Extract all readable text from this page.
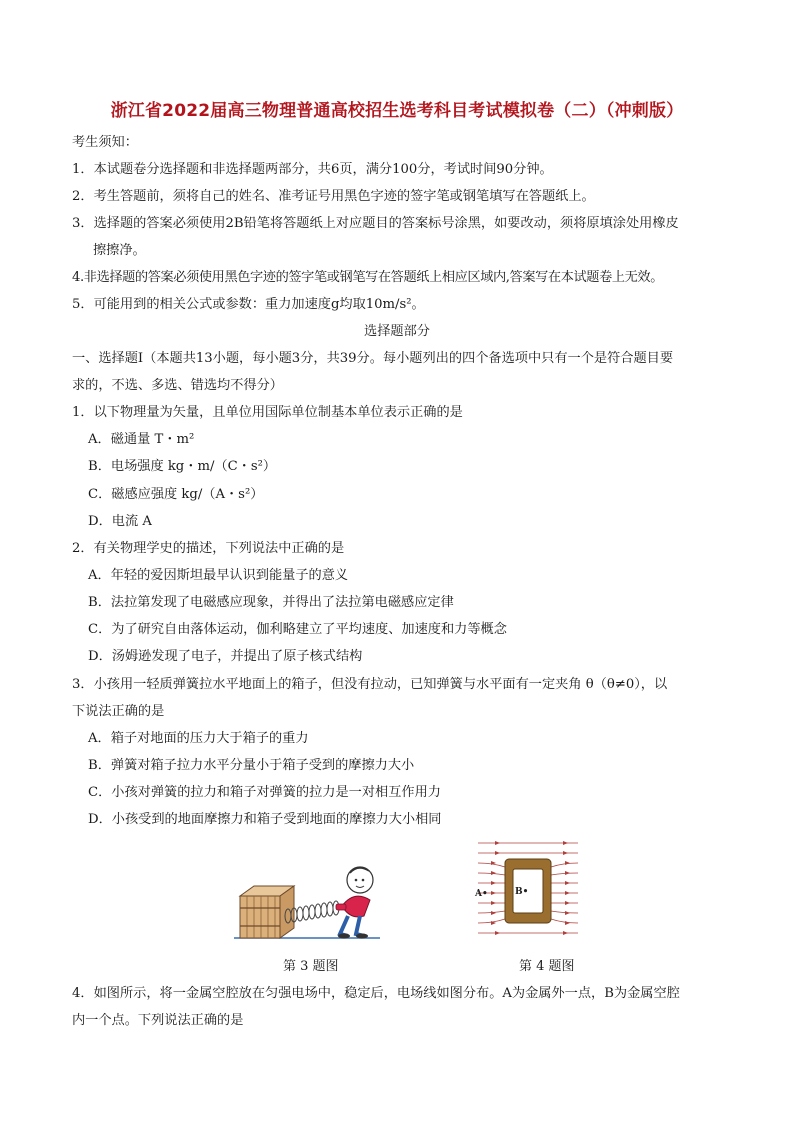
浙江省2022届高三物理普通高校招生选考科目考试模拟卷（二）（冲刺版）
考生须知：
1．本试题卷分选择题和非选择题两部分，共6页，满分100分，考试时间90分钟。
2．考生答题前，须将自己的姓名、准考证号用黑色字迹的签字笔或钢笔填写在答题纸上。
3．选择题的答案必须使用2B铅笔将答题纸上对应题目的答案标号涂黑，如要改动，须将原填涂处用橡皮
擦擦净。
4.非选择题的答案必须使用黑色字迹的签字笔或钢笔写在答题纸上相应区域内,答案写在本试题卷上无效。
5．可能用到的相关公式或参数：重力加速度g均取10m/s²。
选择题部分
一、选择题Ⅰ（本题共13小题，每小题3分，共39分。每小题列出的四个备选项中只有一个是符合题目要
求的，不选、多选、错选均不得分）
1．以下物理量为矢量，且单位用国际单位制基本单位表示正确的是
A．磁通量 T・m²
B．电场强度 kg・m/（C・s²）
C．磁感应强度 kg/（A・s²）
D．电流 A
2．有关物理学史的描述，下列说法中正确的是
A．年轻的爱因斯坦最早认识到能量子的意义
B．法拉第发现了电磁感应现象，并得出了法拉第电磁感应定律
C．为了研究自由落体运动，伽利略建立了平均速度、加速度和力等概念
D．汤姆逊发现了电子，并提出了原子核式结构
3．小孩用一轻质弹簧拉水平地面上的箱子，但没有拉动，已知弹簧与水平面有一定夹角 θ（θ≠0），以
下说法正确的是
A．箱子对地面的压力大于箱子的重力
B．弹簧对箱子拉力水平分量小于箱子受到的摩擦力大小
C．小孩对弹簧的拉力和箱子对弹簧的拉力是一对相互作用力
D．小孩受到的地面摩擦力和箱子受到地面的摩擦力大小相同
A•	B•
第 3 题图	第 4 题图
4．如图所示，将一金属空腔放在匀强电场中，稳定后，电场线如图分布。A为金属外一点，B为金属空腔
内一个点。下列说法正确的是
